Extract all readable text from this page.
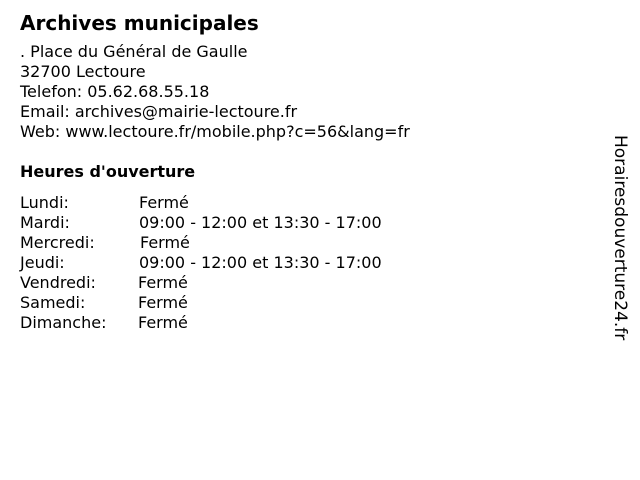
Archives municipales
. Place du Général de Gaulle
32700 Lectoure
Telefon: 05.62.68.55.18
Email: archives@mairie-lectoure.fr
Web: www.lectoure.fr/mobile.php?c=56&lang=fr
Heures d'ouverture
Lundi:	Fermé
Mardi:	09:00 - 12:00 et 13:30 - 17:00
Mercredi:	Fermé
Jeudi:	09:00 - 12:00 et 13:30 - 17:00
Vendredi:	Fermé
Samedi:	Fermé
Dimanche:	Fermé	Horairesdouverture24.fr
